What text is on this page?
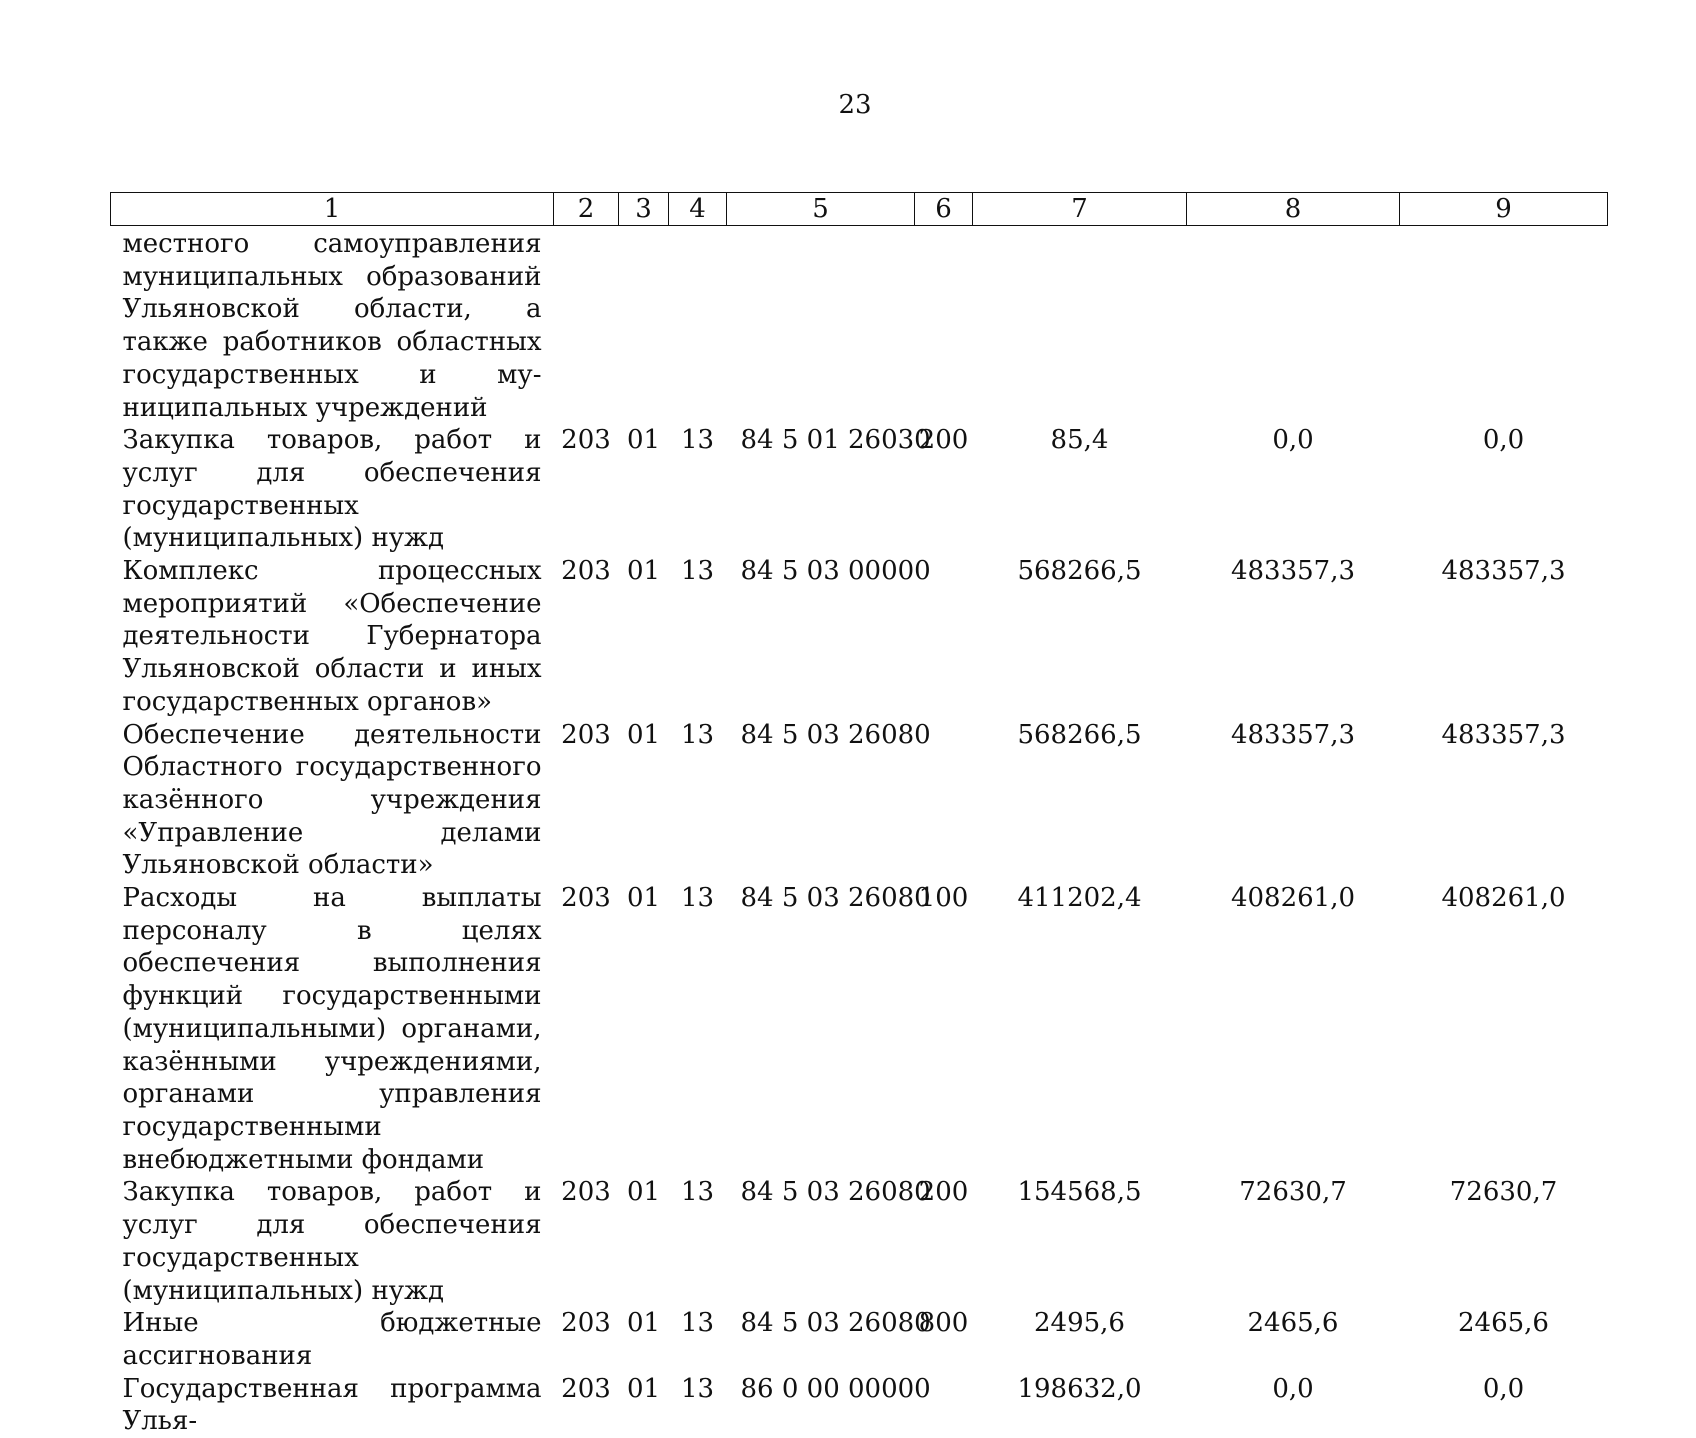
23
1	2	3	4	5	6	7	8	9
местного самоуправления муниципальных образований Ульяновской области, а также работников областных государственных и муниципальных учреждений								
Закупка товаров, работ и услуг для обеспечения государственных (муниципальных) нужд	203	01	13	84 5 01 26030	200	85,4	0,0	0,0
Комплекс процессных мероприятий «Обеспечение деятельности Губернатора Ульяновской области и иных государственных органов»	203	01	13	84 5 03 00000		568266,5	483357,3	483357,3
Обеспечение деятельности Областного государственного казённого учреждения «Управление делами Ульяновской области»	203	01	13	84 5 03 26080		568266,5	483357,3	483357,3
Расходы на выплаты персоналу в целях обеспечения выполнения функций государственными (муниципальными) органами, казёнными учреждениями, органами управления государственными внебюджетными фондами	203	01	13	84 5 03 26080	100	411202,4	408261,0	408261,0
Закупка товаров, работ и услуг для обеспечения государственных (муниципальных) нужд	203	01	13	84 5 03 26080	200	154568,5	72630,7	72630,7
Иные бюджетные ассигнования	203	01	13	84 5 03 26080	800	2495,6	2465,6	2465,6
Государственная программа Улья-	203	01	13	86 0 00 00000		198632,0	0,0	0,0
